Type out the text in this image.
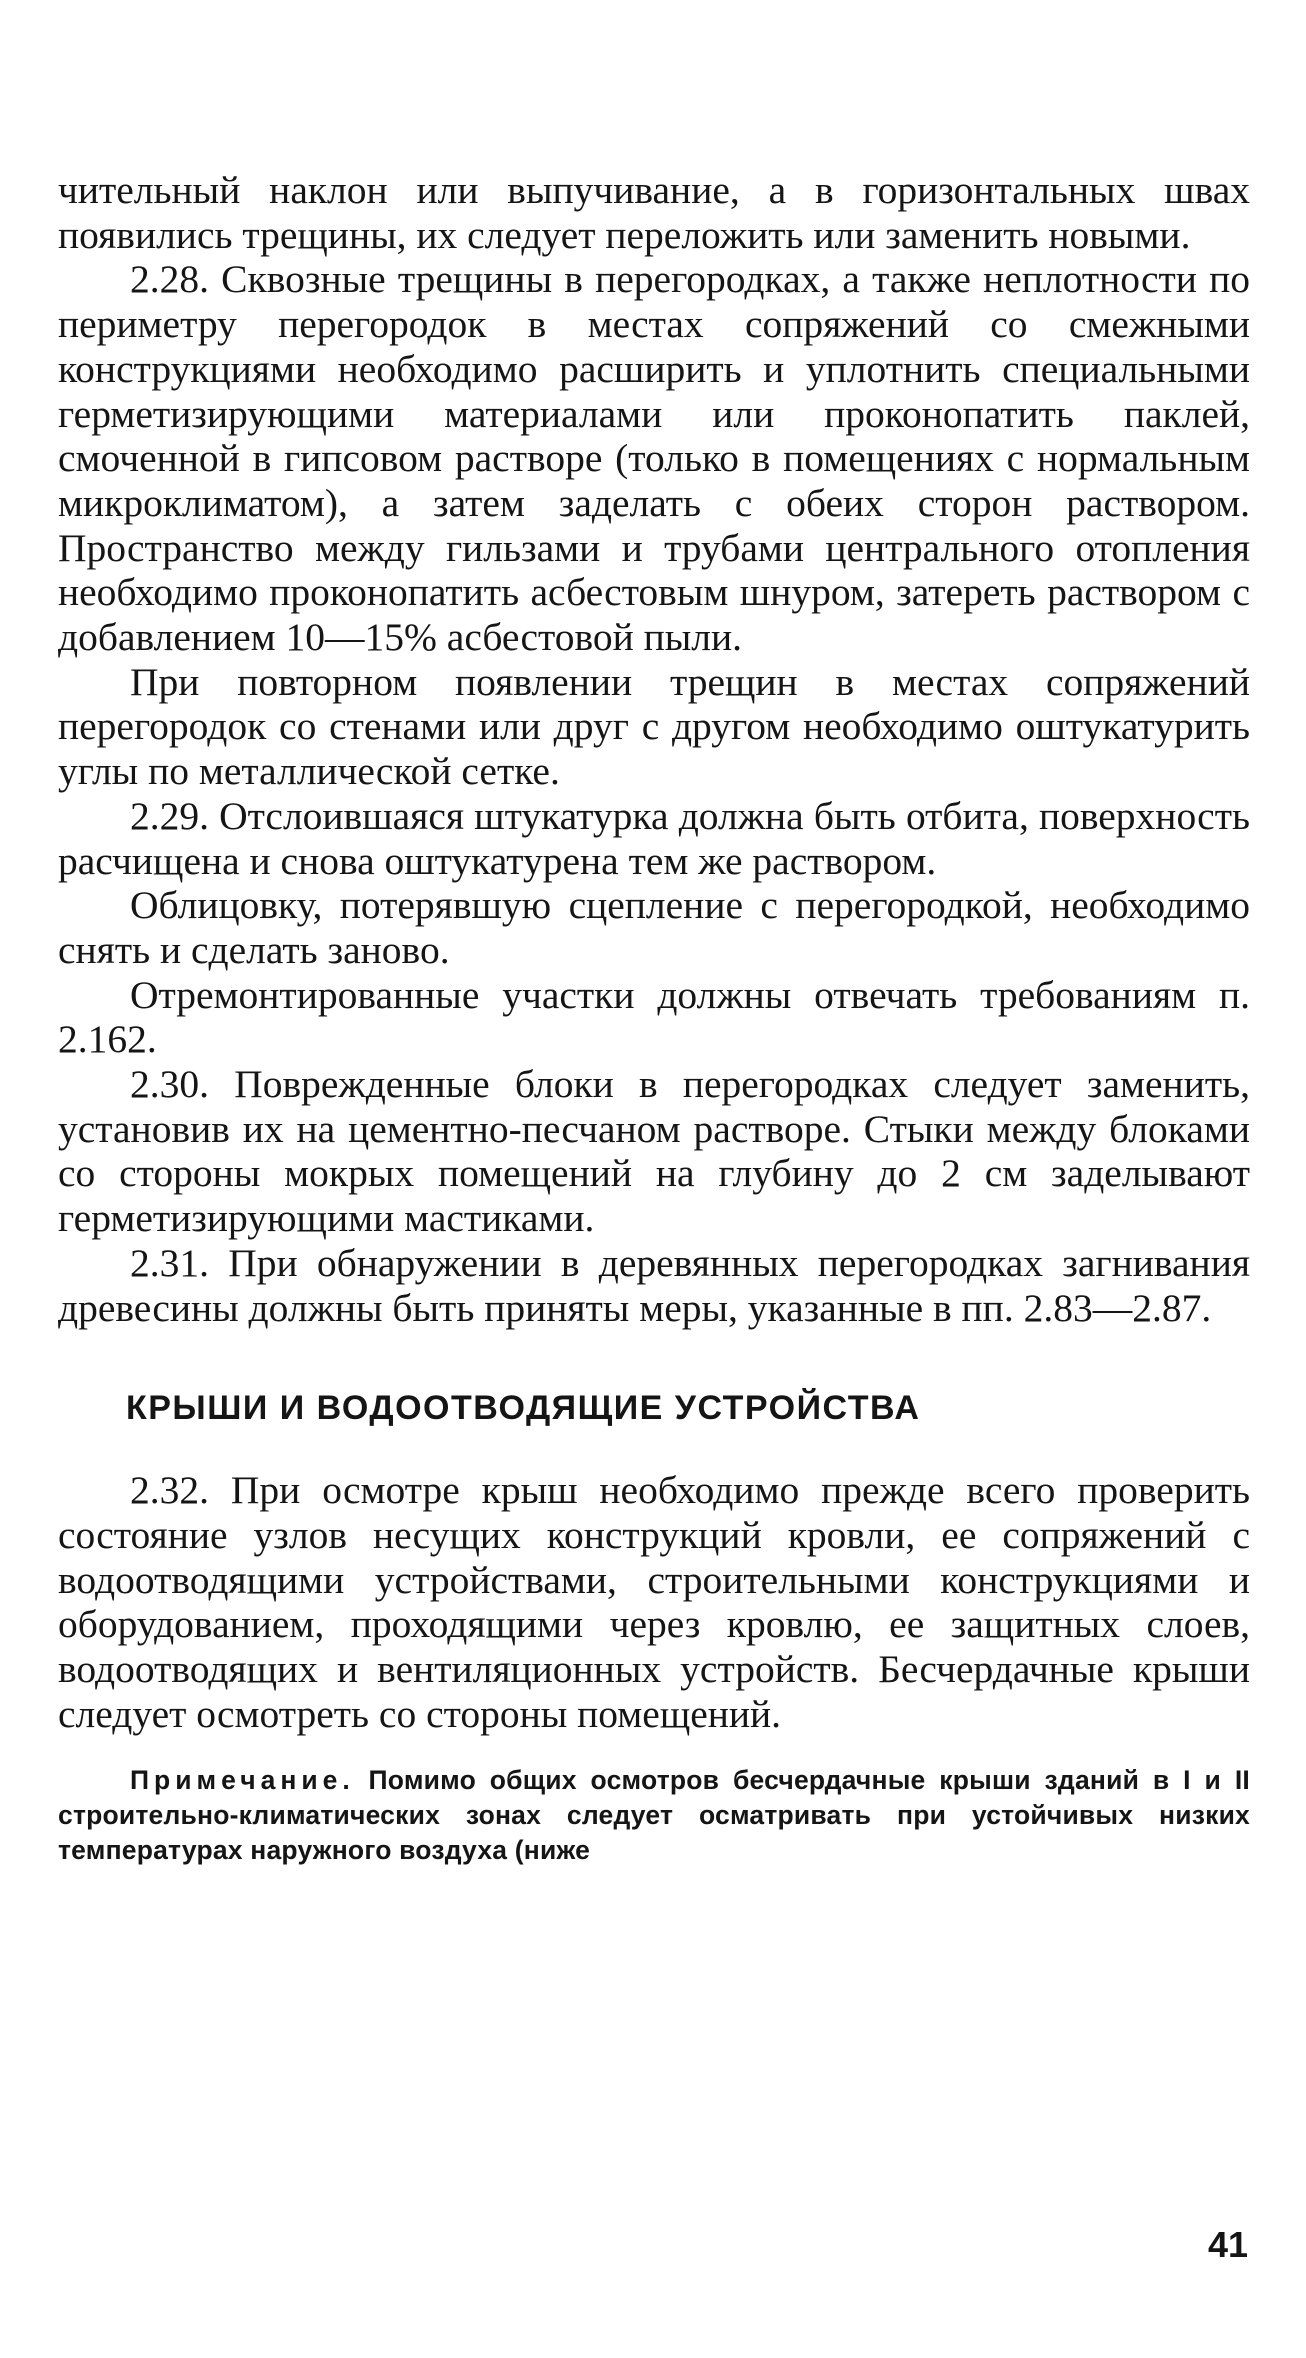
чительный наклон или выпучивание, а в горизонтальных швах появились трещины, их следует переложить или заменить новыми.

2.28. Сквозные трещины в перегородках, а также неплотности по периметру перегородок в местах сопряжений со смежными конструкциями необходимо расширить и уплотнить специальными герметизирующими материалами или проконопатить паклей, смоченной в гипсовом растворе (только в помещениях с нормальным микроклиматом), а затем заделать с обеих сторон раствором. Пространство между гильзами и трубами центрального отопления необходимо проконопатить асбестовым шнуром, затереть раствором с добавлением 10—15% асбестовой пыли.

При повторном появлении трещин в местах сопряжений перегородок со стенами или друг с другом необходимо оштукатурить углы по металлической сетке.

2.29. Отслоившаяся штукатурка должна быть отбита, поверхность расчищена и снова оштукатурена тем же раствором.

Облицовку, потерявшую сцепление с перегородкой, необходимо снять и сделать заново.

Отремонтированные участки должны отвечать требованиям п. 2.162.

2.30. Поврежденные блоки в перегородках следует заменить, установив их на цементно-песчаном растворе. Стыки между блоками со стороны мокрых помещений на глубину до 2 см заделывают герметизирующими мастиками.

2.31. При обнаружении в деревянных перегородках загнивания древесины должны быть приняты меры, указанные в пп. 2.83—2.87.

КРЫШИ И ВОДООТВОДЯЩИЕ УСТРОЙСТВА

2.32. При осмотре крыш необходимо прежде всего проверить состояние узлов несущих конструкций кровли, ее сопряжений с водоотводящими устройствами, строительными конструкциями и оборудованием, проходящими через кровлю, ее защитных слоев, водоотводящих и вентиляционных устройств. Бесчердачные крыши следует осмотреть со стороны помещений.

Примечание. Помимо общих осмотров бесчердачные крыши зданий в I и II строительно-климатических зонах следует осматривать при устойчивых низких температурах наружного воздуха (ниже
41
